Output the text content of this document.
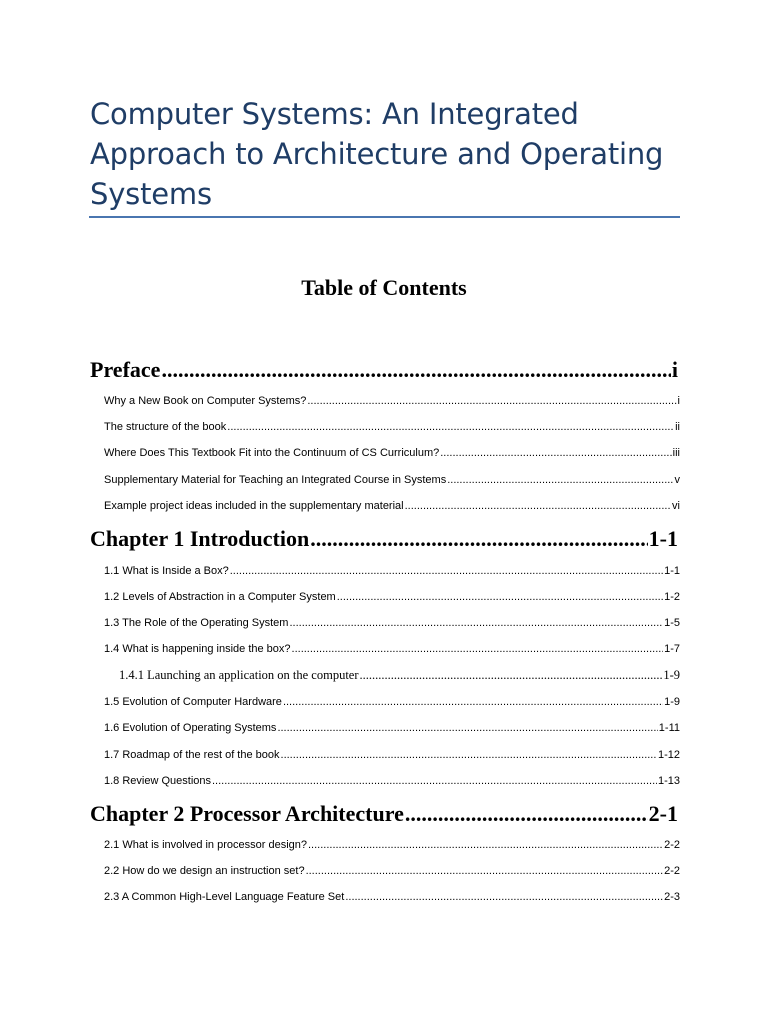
Computer Systems: An Integrated Approach to Architecture and Operating Systems
Table of Contents
Preface .....	i
Why a New Book on Computer Systems? .....	i
The structure of the book .....	ii
Where Does This Textbook Fit into the Continuum of CS Curriculum? .....	iii
Supplementary Material for Teaching an Integrated Course in Systems .....	v
Example project ideas included in the supplementary material .....	vi
Chapter 1 Introduction .....	1-1
1.1 What is Inside a Box? .....	1-1
1.2 Levels of Abstraction in a Computer System .....	1-2
1.3 The Role of the Operating System .....	1-5
1.4 What is happening inside the box? .....	1-7
1.4.1 Launching an application on the computer .....	1-9
1.5 Evolution of Computer Hardware .....	1-9
1.6 Evolution of Operating Systems .....	1-11
1.7 Roadmap of the rest of the book .....	1-12
1.8 Review Questions .....	1-13
Chapter 2 Processor Architecture .....	2-1
2.1 What is involved in processor design? .....	2-2
2.2 How do we design an instruction set? .....	2-2
2.3 A Common High-Level Language Feature Set .....	2-3
